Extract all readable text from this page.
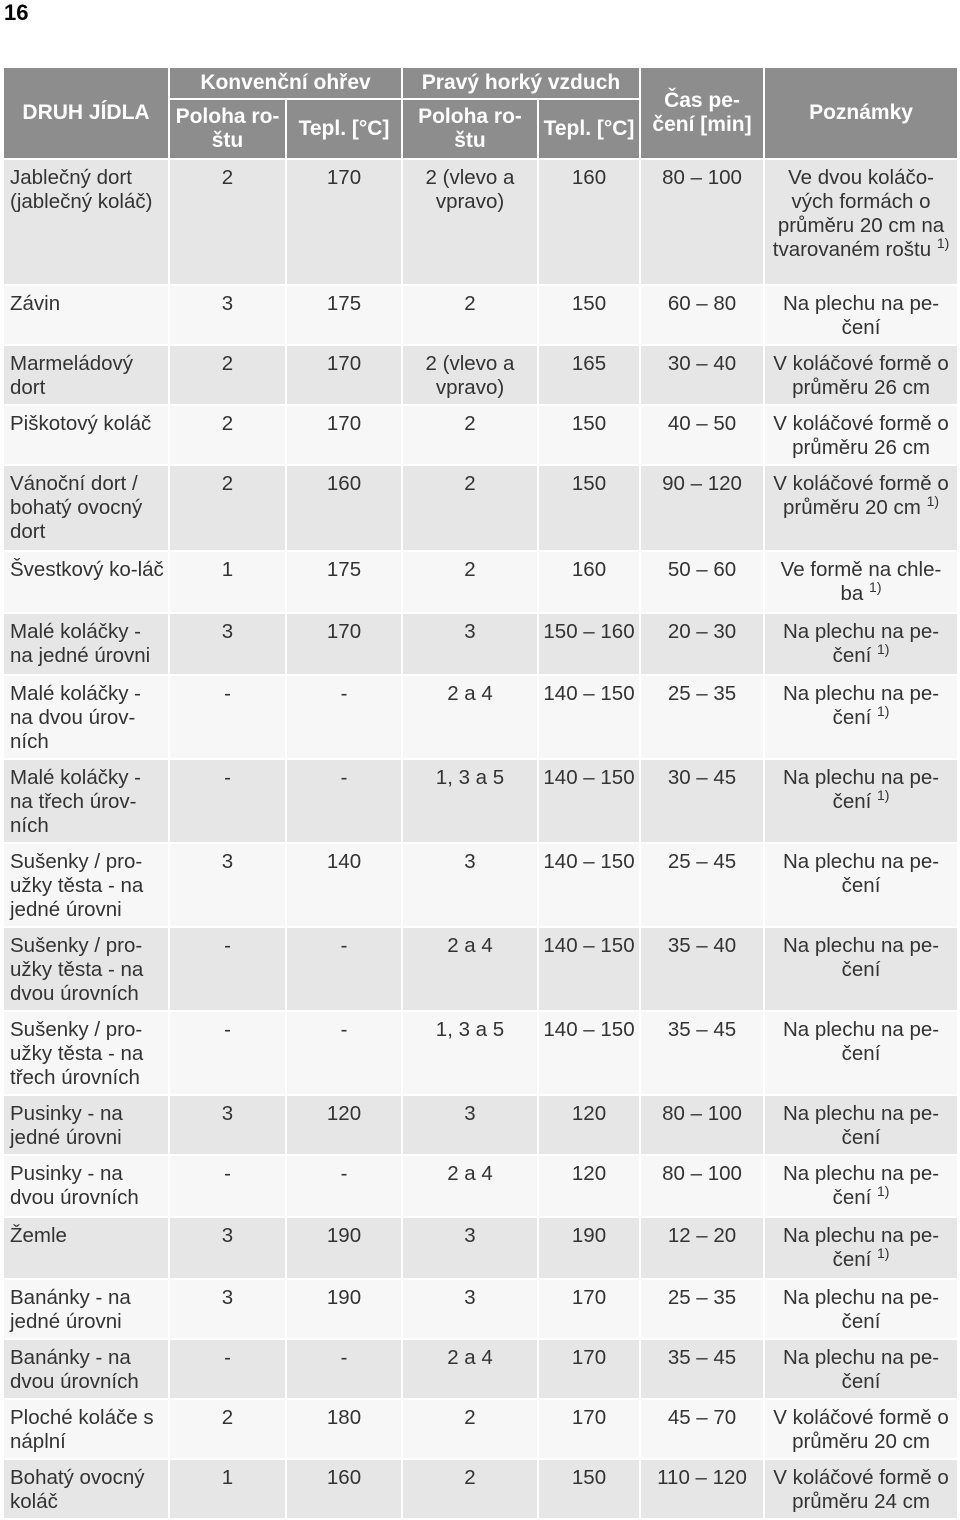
16
DRUH JÍDLA	Konvenční ohřev		Pravý horký vzduch		Čas pe-čení [min]	Poznámky
	Poloha ro-štu	Tepl. [°C]	Poloha ro-štu	Tepl. [°C]		
Jablečný dort (jablečný koláč)	2	170	2 (vlevo a vpravo)	160	80 – 100	Ve dvou koláčo-vých formách o průměru 20 cm na tvarovaném roštu $^{1)}$
Závin	3	175	2	150	60 – 80	Na plechu na pe-čení
Marmeládový dort	2	170	2 (vlevo a vpravo)	165	30 – 40	V koláčové formě o průměru 26 cm
Piškotový koláč	2	170	2	150	40 – 50	V koláčové formě o průměru 26 cm
Vánoční dort / bohatý ovocný dort	2	160	2	150	90 – 120	V koláčové formě o průměru 20 cm $^{1)}$
Švestkový ko-láč	1	175	2	160	50 – 60	Ve formě na chle-ba $^{1)}$
Malé koláčky - na jedné úrovni	3	170	3	150 – 160	20 – 30	Na plechu na pe-čení $^{1)}$
Malé koláčky - na dvou úrov-ních	-	-	2 a 4	140 – 150	25 – 35	Na plechu na pe-čení $^{1)}$
Malé koláčky - na třech úrov-ních	-	-	1, 3 a 5	140 – 150	30 – 45	Na plechu na pe-čení $^{1)}$
Sušenky / pro-užky těsta - na jedné úrovni	3	140	3	140 – 150	25 – 45	Na plechu na pe-čení
Sušenky / pro-užky těsta - na dvou úrovních	-	-	2 a 4	140 – 150	35 – 40	Na plechu na pe-čení
Sušenky / pro-užky těsta - na třech úrovních	-	-	1, 3 a 5	140 – 150	35 – 45	Na plechu na pe-čení
Pusinky - na jedné úrovni	3	120	3	120	80 – 100	Na plechu na pe-čení
Pusinky - na dvou úrovních	-	-	2 a 4	120	80 – 100	Na plechu na pe-čení $^{1)}$
Žemle	3	190	3	190	12 – 20	Na plechu na pe-čení $^{1)}$
Banánky - na jedné úrovni	3	190	3	170	25 – 35	Na plechu na pe-čení
Banánky - na dvou úrovních	-	-	2 a 4	170	35 – 45	Na plechu na pe-čení
Ploché koláče s náplní	2	180	2	170	45 – 70	V koláčové formě o průměru 20 cm
Bohatý ovocný koláč	1	160	2	150	110 – 120	V koláčové formě o průměru 24 cm
